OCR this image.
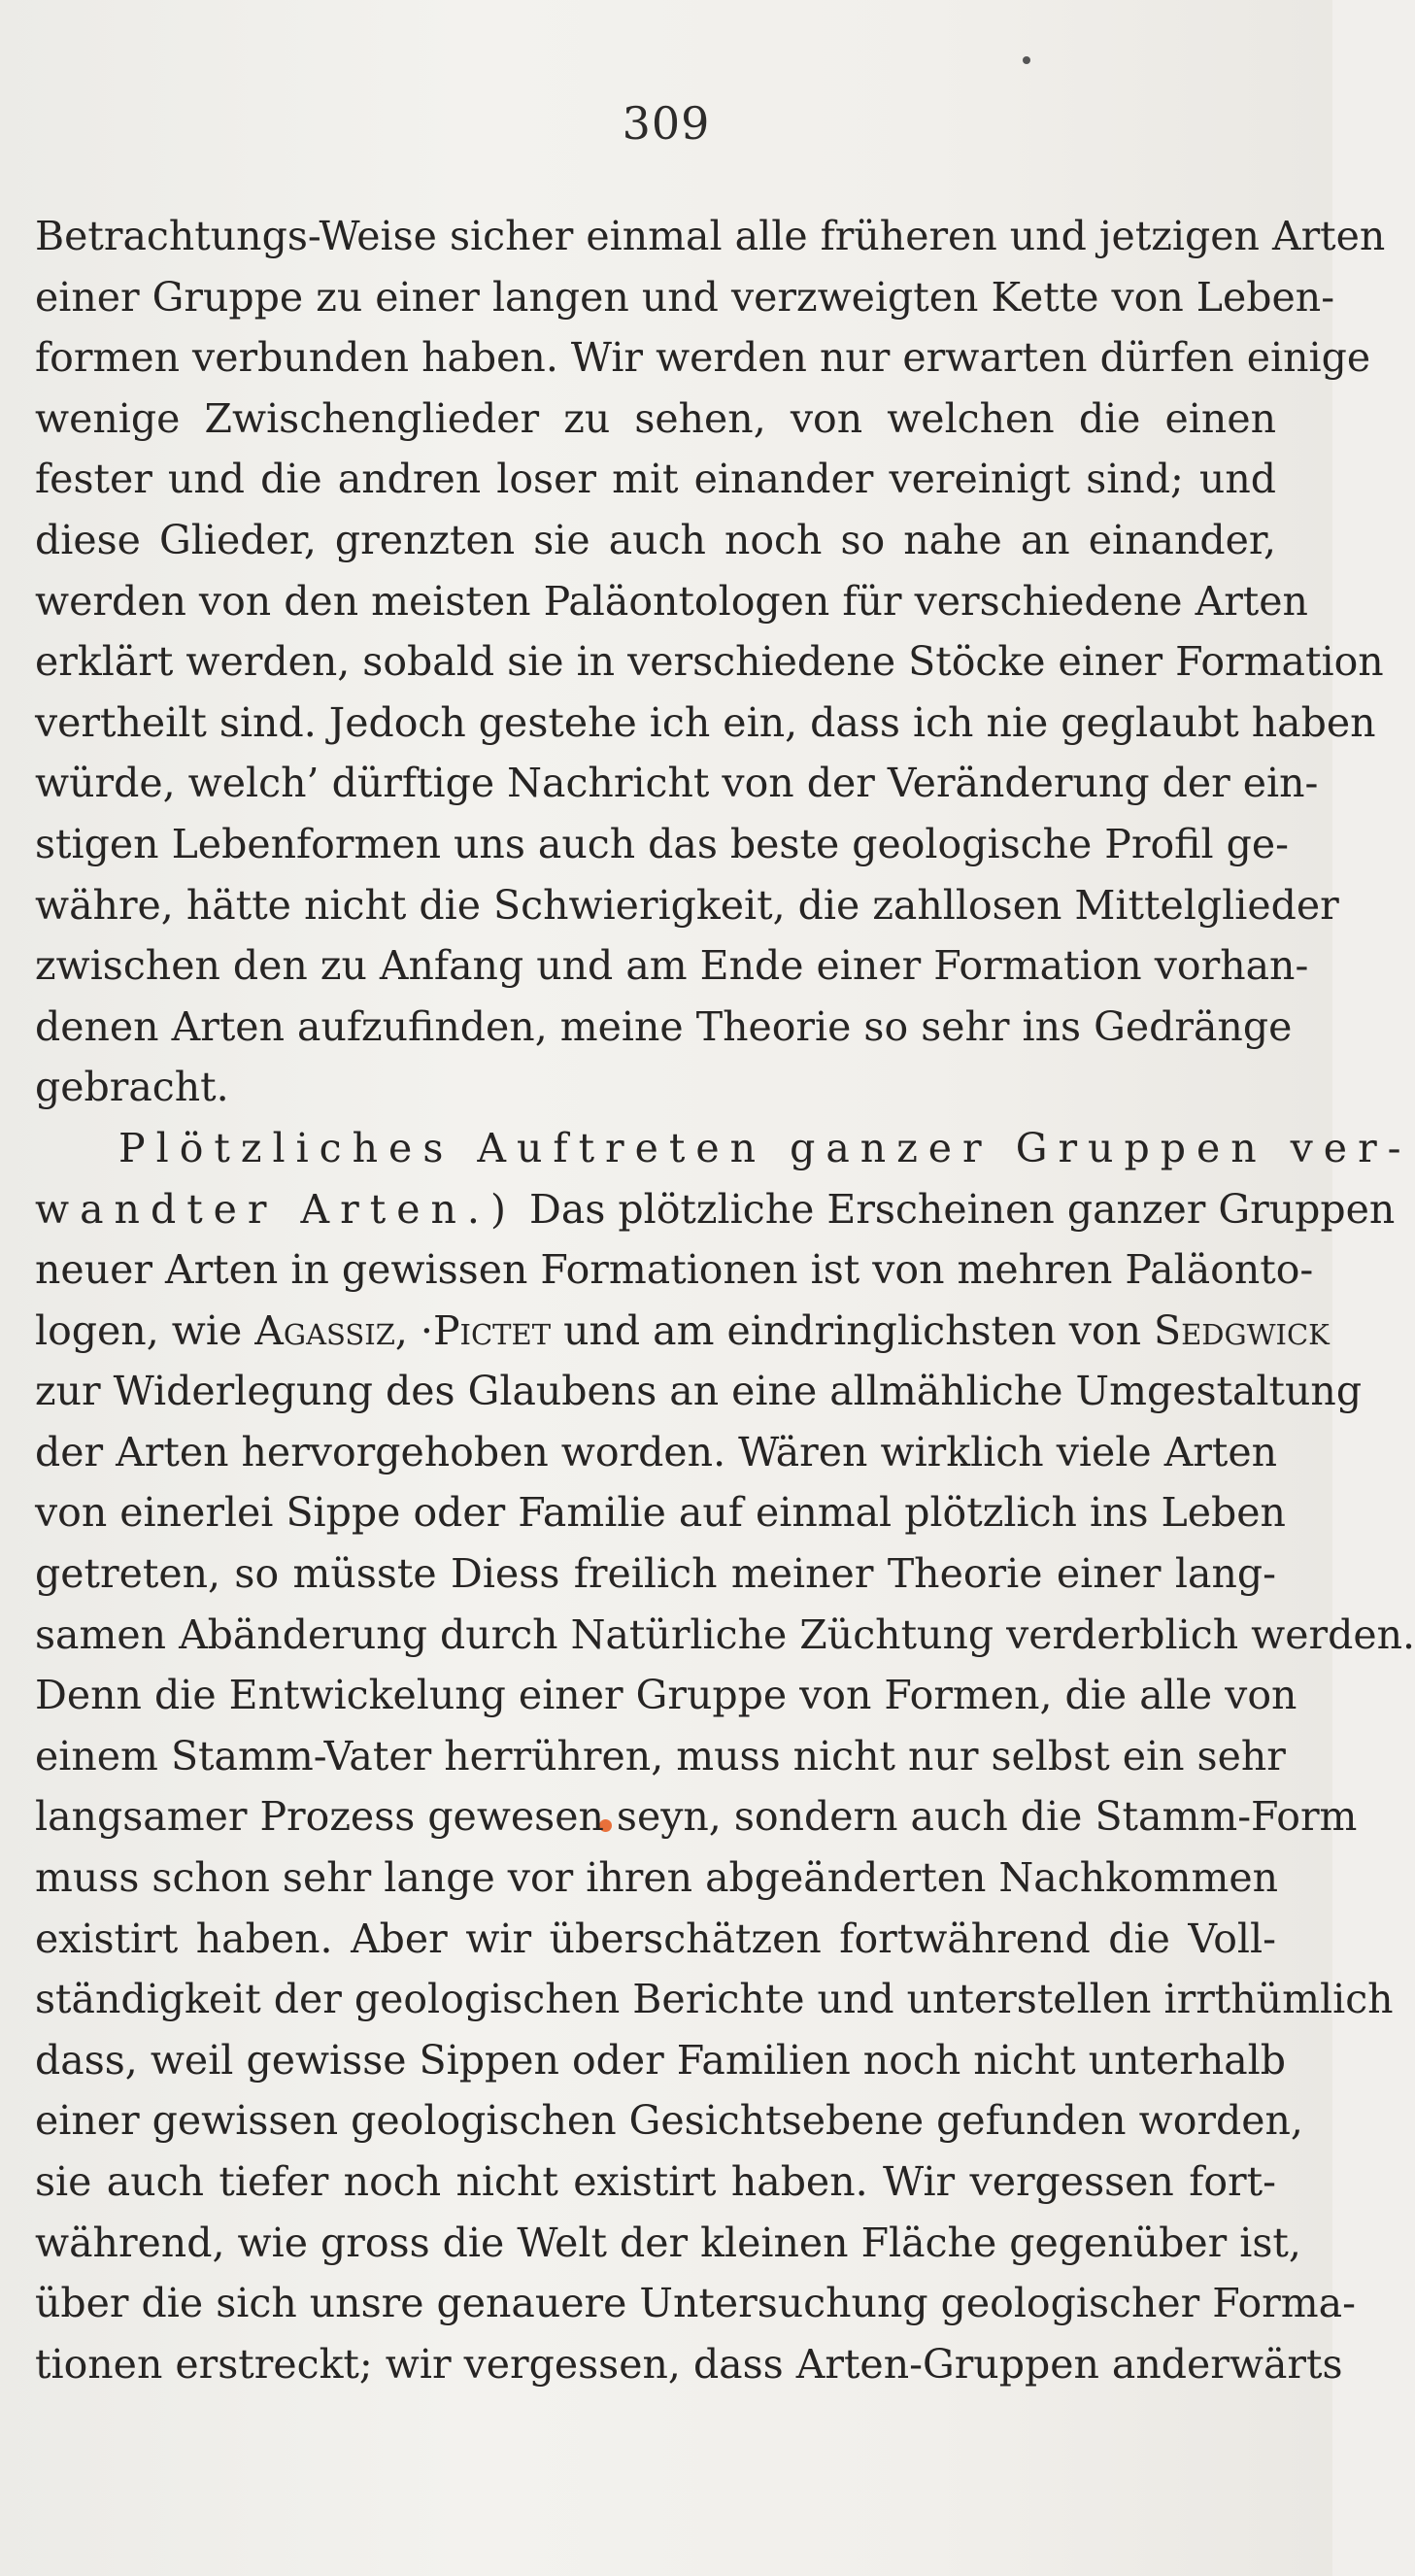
309
Betrachtungs-Weise sicher einmal alle früheren und jetzigen Arten
einer Gruppe zu einer langen und verzweigten Kette von Leben-
formen verbunden haben. Wir werden nur erwarten dürfen einige
wenige Zwischenglieder zu sehen, von welchen die einen
fester und die andren loser mit einander vereinigt sind; und
diese Glieder, grenzten sie auch noch so nahe an einander,
werden von den meisten Paläontologen für verschiedene Arten
erklärt werden, sobald sie in verschiedene Stöcke einer Formation
vertheilt sind. Jedoch gestehe ich ein, dass ich nie geglaubt haben
würde, welch’ dürftige Nachricht von der Veränderung der ein-
stigen Lebenformen uns auch das beste geologische Profil ge-
währe, hätte nicht die Schwierigkeit, die zahllosen Mittelglieder
zwischen den zu Anfang und am Ende einer Formation vorhan-
denen Arten aufzufinden, meine Theorie so sehr ins Gedränge
gebracht.
Plötzliches Auftreten ganzer Gruppen ver-
wandter Arten.) Das plötzliche Erscheinen ganzer Gruppen
neuer Arten in gewissen Formationen ist von mehren Paläonto-
logen, wie Agassiz, ·Pictet und am eindringlichsten von Sedgwick
zur Widerlegung des Glaubens an eine allmähliche Umgestaltung
der Arten hervorgehoben worden. Wären wirklich viele Arten
von einerlei Sippe oder Familie auf einmal plötzlich ins Leben
getreten, so müsste Diess freilich meiner Theorie einer lang-
samen Abänderung durch Natürliche Züchtung verderblich werden.
Denn die Entwickelung einer Gruppe von Formen, die alle von
einem Stamm-Vater herrühren, muss nicht nur selbst ein sehr
langsamer Prozess gewesen seyn, sondern auch die Stamm-Form
muss schon sehr lange vor ihren abgeänderten Nachkommen
existirt haben. Aber wir überschätzen fortwährend die Voll-
ständigkeit der geologischen Berichte und unterstellen irrthümlich
dass, weil gewisse Sippen oder Familien noch nicht unterhalb
einer gewissen geologischen Gesichtsebene gefunden worden,
sie auch tiefer noch nicht existirt haben. Wir vergessen fort-
während, wie gross die Welt der kleinen Fläche gegenüber ist,
über die sich unsre genauere Untersuchung geologischer Forma-
tionen erstreckt; wir vergessen, dass Arten-Gruppen anderwärts
